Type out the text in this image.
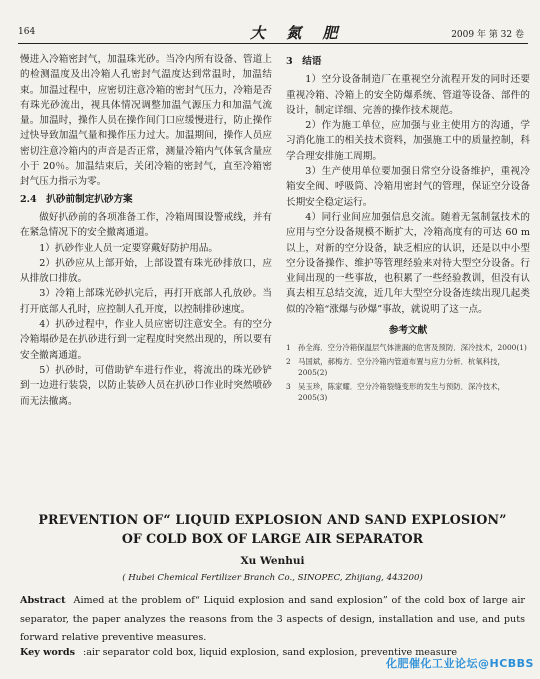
164	大 氮 肥	2009 年 第 32 卷

慢进入冷箱密封气，加温珠光砂。当冷内所有设备、管道上的检测温度及出冷箱人孔密封气温度达到常温时，加温结束。加温过程中，应密切注意冷箱的密封气压力，冷箱是否有珠光砂流出，视具体情况调整加温气源压力和加温气流量。加温时，操作人员在操作间门口应缓慢进行，防止操作过快导致加温气量和操作压力过大。加温期间，操作人员应密切注意冷箱内的声音是否正常，测量冷箱内气体氧含量应小于 20％。加温结束后，关闭冷箱的密封气，直至冷箱密封气压力指示为零。

2.4　扒砂前制定扒砂方案

做好扒砂前的各项准备工作，冷箱周围设警戒线，并有在紧急情况下的安全撤离通道。

1）扒砂作业人员一定要穿戴好防护用品。

2）扒砂应从上部开始，上部设置有珠光砂排放口，应从排放口排放。

3）冷箱上部珠光砂扒完后，再打开底部人孔放砂。当打开底部人孔时，应控制人孔开度，以控制排砂速度。

4）扒砂过程中，作业人员应密切注意安全。有的空分冷箱塌砂是在扒砂进行到一定程度时突然出现的，所以要有安全撤离通道。

5）扒砂时，可借助铲车进行作业，将流出的珠光砂铲到一边进行装袋，以防止装砂人员在扒砂口作业时突然喷砂而无法撤离。

3　结语

1）空分设备制造厂在重视空分流程开发的同时还要重视冷箱、冷箱上的安全防爆系统、管道等设备、部件的设计，制定详细、完善的操作技术规范。

2）作为施工单位，应加强与业主使用方的沟通，学习消化施工的相关技术资料，加强施工中的质量控制，科学合理安排施工周期。

3）生产使用单位要加强日常空分设备维护，重视冷箱安全阀、呼吸筒、冷箱用密封气的管理，保证空分设备长期安全稳定运行。

4）同行业间应加强信息交流。随着无氢制氩技术的应用与空分设备规模不断扩大，冷箱高度有的可达 60 m 以上，对新的空分设备，缺乏相应的认识，还是以中小型空分设备操作、维护等管理经验来对待大型空分设备。行业间出现的一些事故，也积累了一些经验教训，但没有认真去相互总结交流，近几年大型空分设备连续出现几起类似的冷箱“涨爆与砂爆”事故，就说明了这一点。

参考文献

1 孙全海．空分冷箱保温层气体泄漏的危害及预防．深冷技术，2000(1)

2 马国斌，郝梅方．空分冷箱内管道布置与应力分析．杭氧科技，2005(2)

3 吴玉珍，陈家耀．空分冷箱裂缝变形的发生与预防．深冷技术，2005(3)

PREVENTION OF“ LIQUID EXPLOSION AND SAND EXPLOSION”
OF COLD BOX OF LARGE AIR SEPARATOR
Xu Wenhui
( Hubei Chemical Fertilizer Branch Co., SINOPEC, Zhijiang, 443200)
Abstract Aimed at the problem of“ Liquid explosion and sand explosion” of the cold box of large air separator, the paper analyzes the reasons from the 3 aspects of design, installation and use, and puts forward relative preventive measures.
Key words :air separator cold box, liquid explosion, sand explosion, preventive measure
化肥催化工业论坛@HCBBS
